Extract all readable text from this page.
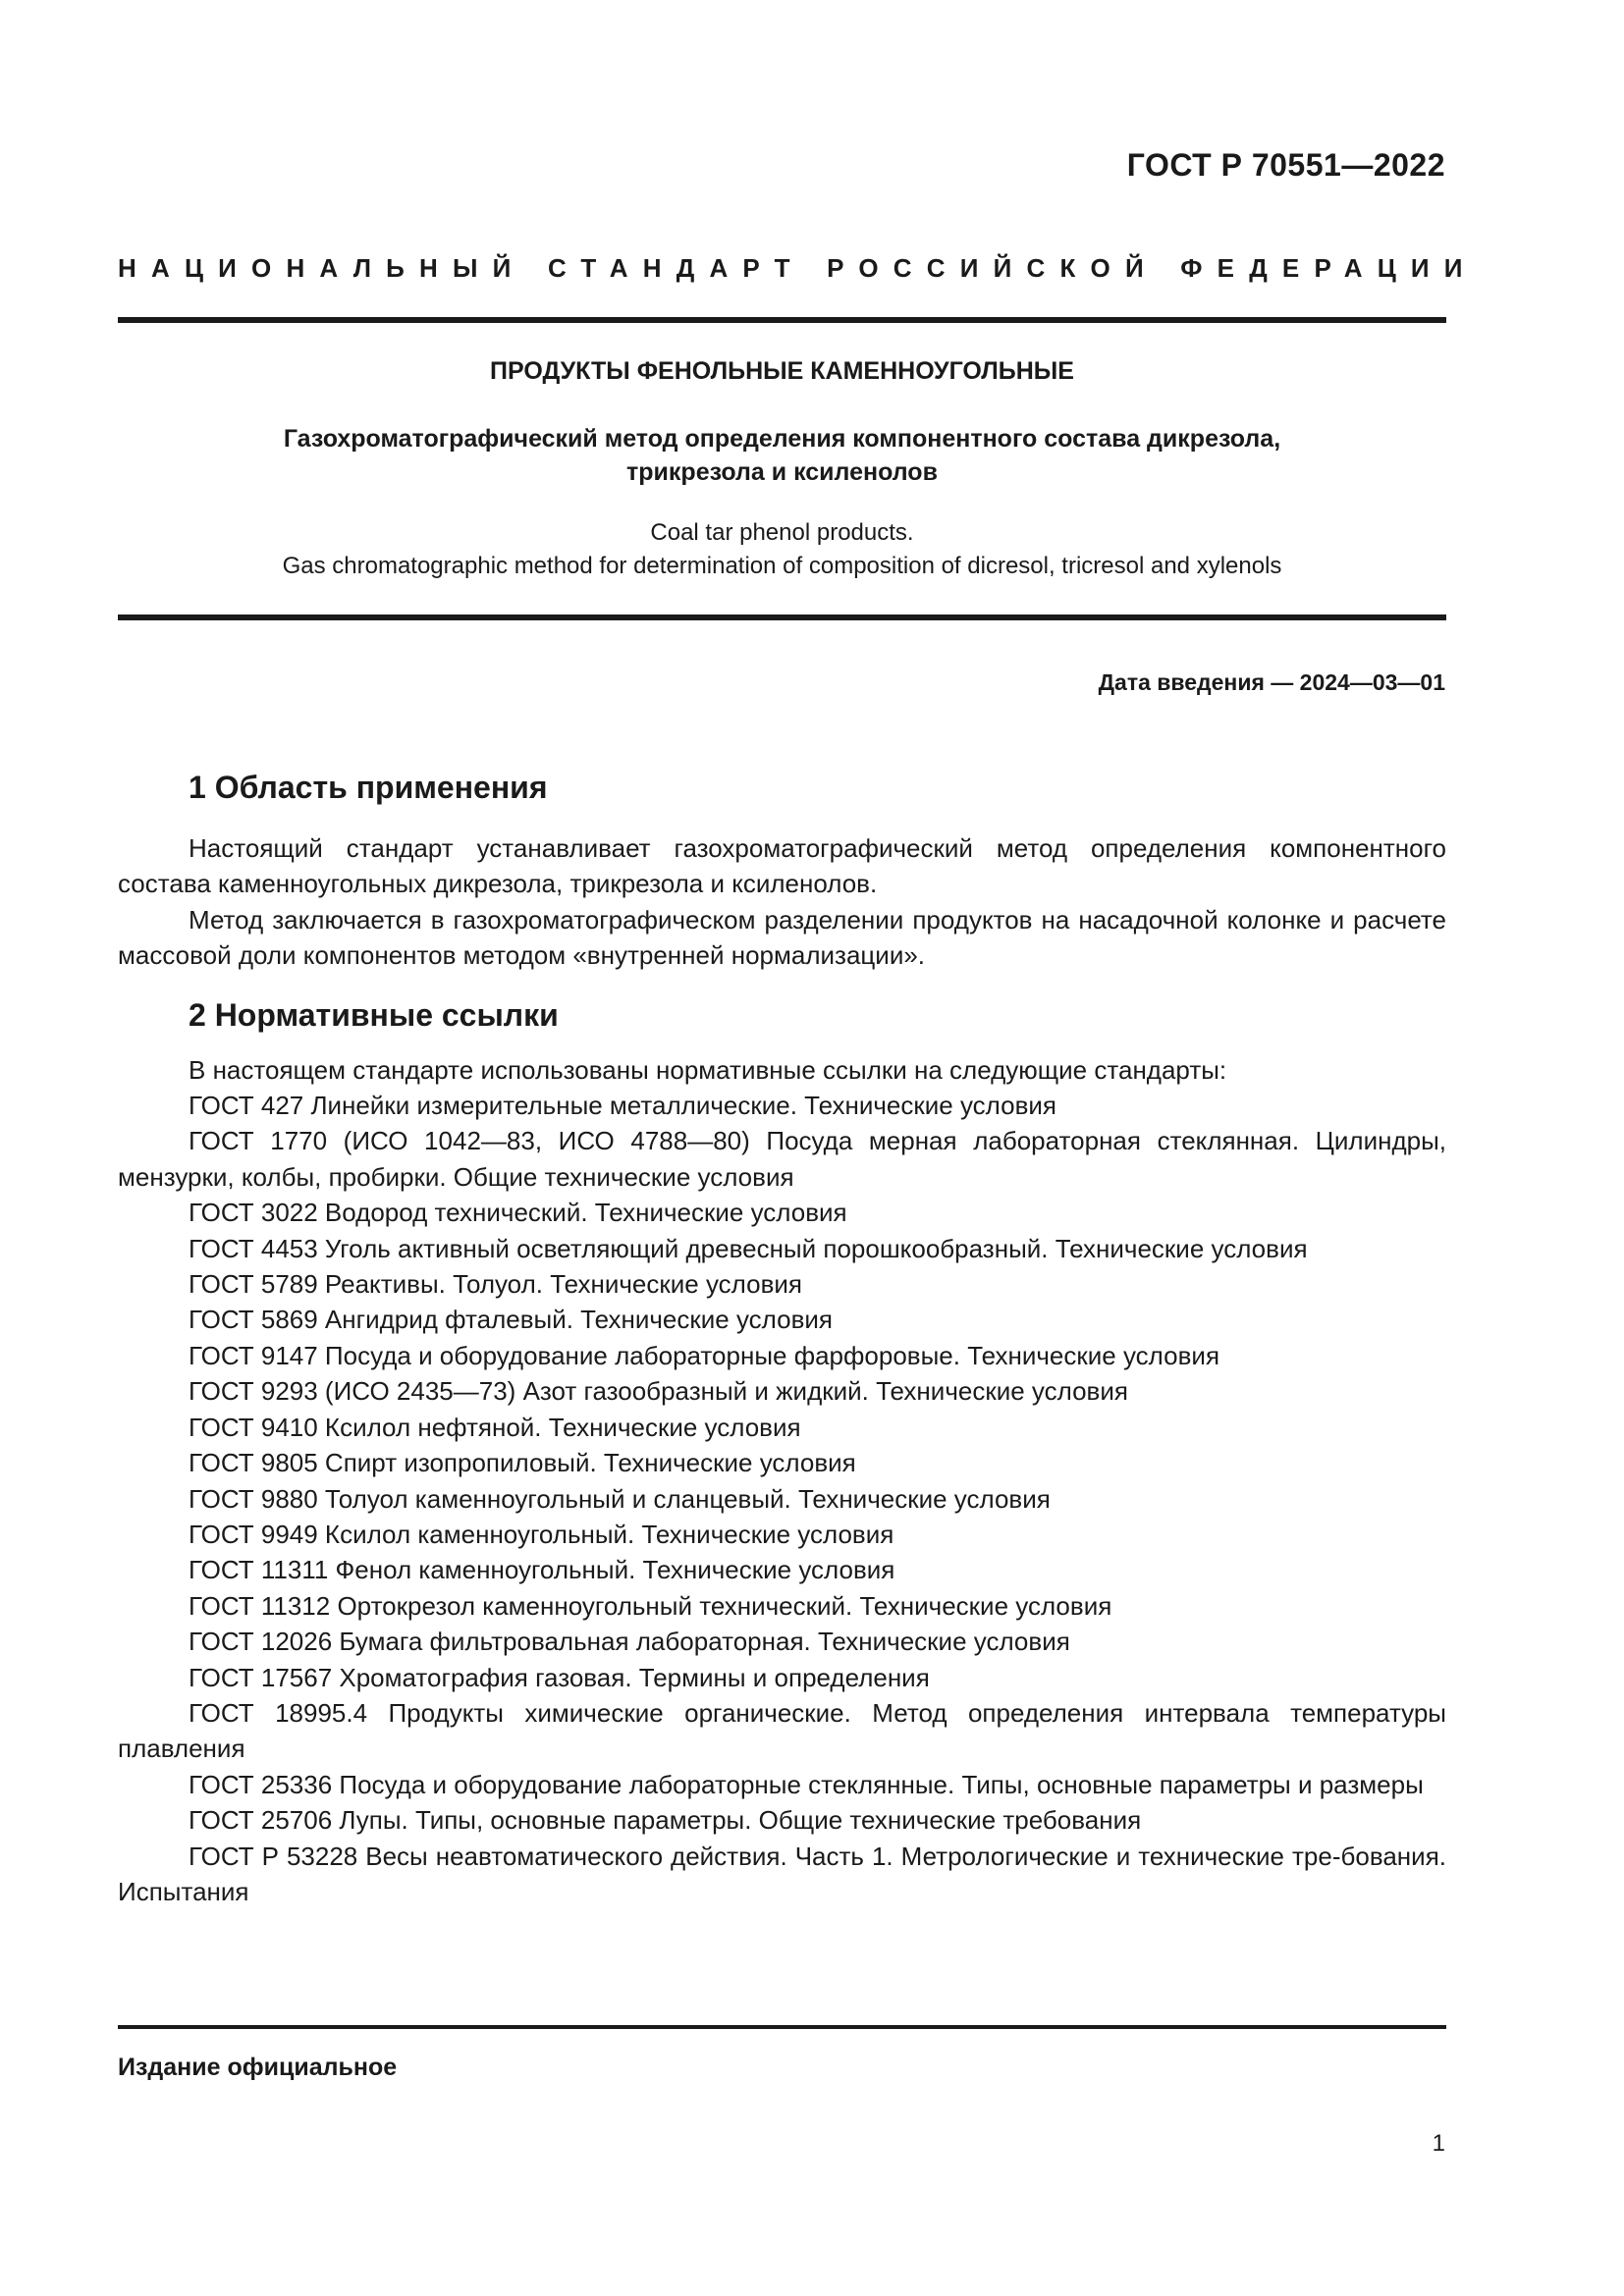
ГОСТ Р 70551—2022
НАЦИОНАЛЬНЫЙ СТАНДАРТ РОССИЙСКОЙ ФЕДЕРАЦИИ
ПРОДУКТЫ ФЕНОЛЬНЫЕ КАМЕННОУГОЛЬНЫЕ
Газохроматографический метод определения компонентного состава дикрезола,
трикрезола и ксиленолов
Coal tar phenol products.
Gas chromatographic method for determination of composition of dicresol, tricresol and xylenols
Дата введения — 2024—03—01
1 Область применения

Настоящий стандарт устанавливает газохроматографический метод определения компонентного состава каменноугольных дикрезола, трикрезола и ксиленолов.

Метод заключается в газохроматографическом разделении продуктов на насадочной колонке и расчете массовой доли компонентов методом «внутренней нормализации».

2 Нормативные ссылки

В настоящем стандарте использованы нормативные ссылки на следующие стандарты:

ГОСТ 427 Линейки измерительные металлические. Технические условия

ГОСТ 1770 (ИСО 1042—83, ИСО 4788—80) Посуда мерная лабораторная стеклянная. Цилиндры, мензурки, колбы, пробирки. Общие технические условия

ГОСТ 3022 Водород технический. Технические условия

ГОСТ 4453 Уголь активный осветляющий древесный порошкообразный. Технические условия

ГОСТ 5789 Реактивы. Толуол. Технические условия

ГОСТ 5869 Ангидрид фталевый. Технические условия

ГОСТ 9147 Посуда и оборудование лабораторные фарфоровые. Технические условия

ГОСТ 9293 (ИСО 2435—73) Азот газообразный и жидкий. Технические условия

ГОСТ 9410 Ксилол нефтяной. Технические условия

ГОСТ 9805 Спирт изопропиловый. Технические условия

ГОСТ 9880 Толуол каменноугольный и сланцевый. Технические условия

ГОСТ 9949 Ксилол каменноугольный. Технические условия

ГОСТ 11311 Фенол каменноугольный. Технические условия

ГОСТ 11312 Ортокрезол каменноугольный технический. Технические условия

ГОСТ 12026 Бумага фильтровальная лабораторная. Технические условия

ГОСТ 17567 Хроматография газовая. Термины и определения

ГОСТ 18995.4 Продукты химические органические. Метод определения интервала температуры плавления

ГОСТ 25336 Посуда и оборудование лабораторные стеклянные. Типы, основные параметры и размеры

ГОСТ 25706 Лупы. Типы, основные параметры. Общие технические требования

ГОСТ Р 53228 Весы неавтоматического действия. Часть 1. Метрологические и технические тре-бования. Испытания

Издание официальное
1
